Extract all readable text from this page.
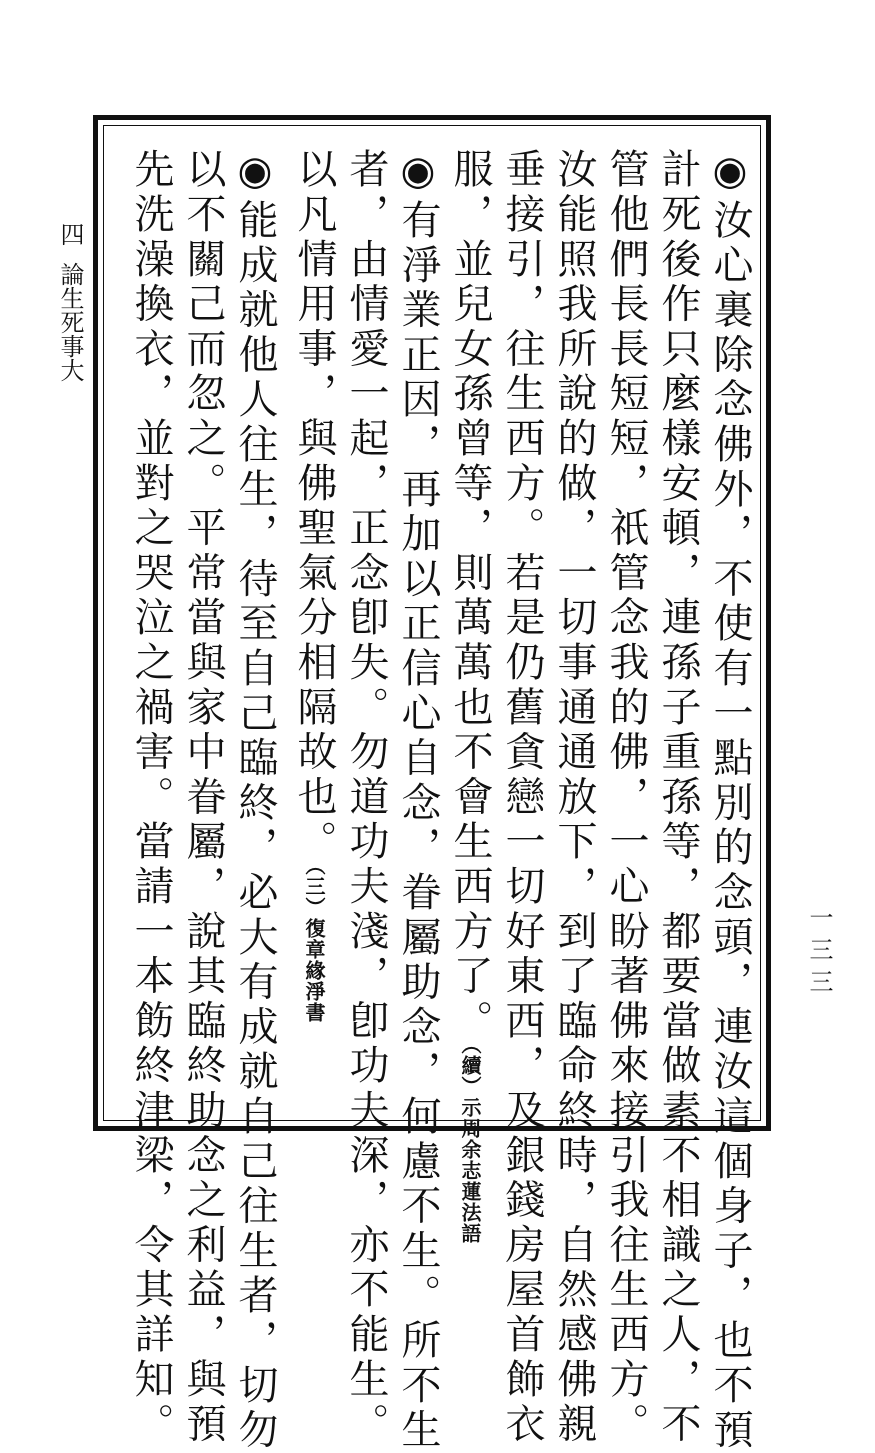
四
論生死事大
一三三
◉汝心裏除念佛外，不使有一點別的念頭，連汝這個身子，也不預
計死後作只麼樣安頓，連孫子重孫等，都要當做素不相識之人，不
管他們長長短短，祇管念我的佛，一心盼著佛來接引我往生西方。
汝能照我所說的做，一切事通通放下，到了臨命終時，自然感佛親
垂接引，往生西方。若是仍舊貪戀一切好東西，及銀錢房屋首飾衣
服，並兒女孫曾等，則萬萬也不會生西方了。（續）示周余志蓮法語
◉有淨業正因，再加以正信心自念，眷屬助念，何慮不生。所不生
者，由情愛一起，正念卽失。勿道功夫淺，卽功夫深，亦不能生。
以凡情用事，與佛聖氣分相隔故也。（三）復章緣淨書
◉能成就他人往生，待至自己臨終，必大有成就自己往生者，切勿
以不關己而忽之。平常當與家中眷屬，說其臨終助念之利益，與預
先洗澡換衣，並對之哭泣之禍害。當請一本飭終津梁，令其詳知。
